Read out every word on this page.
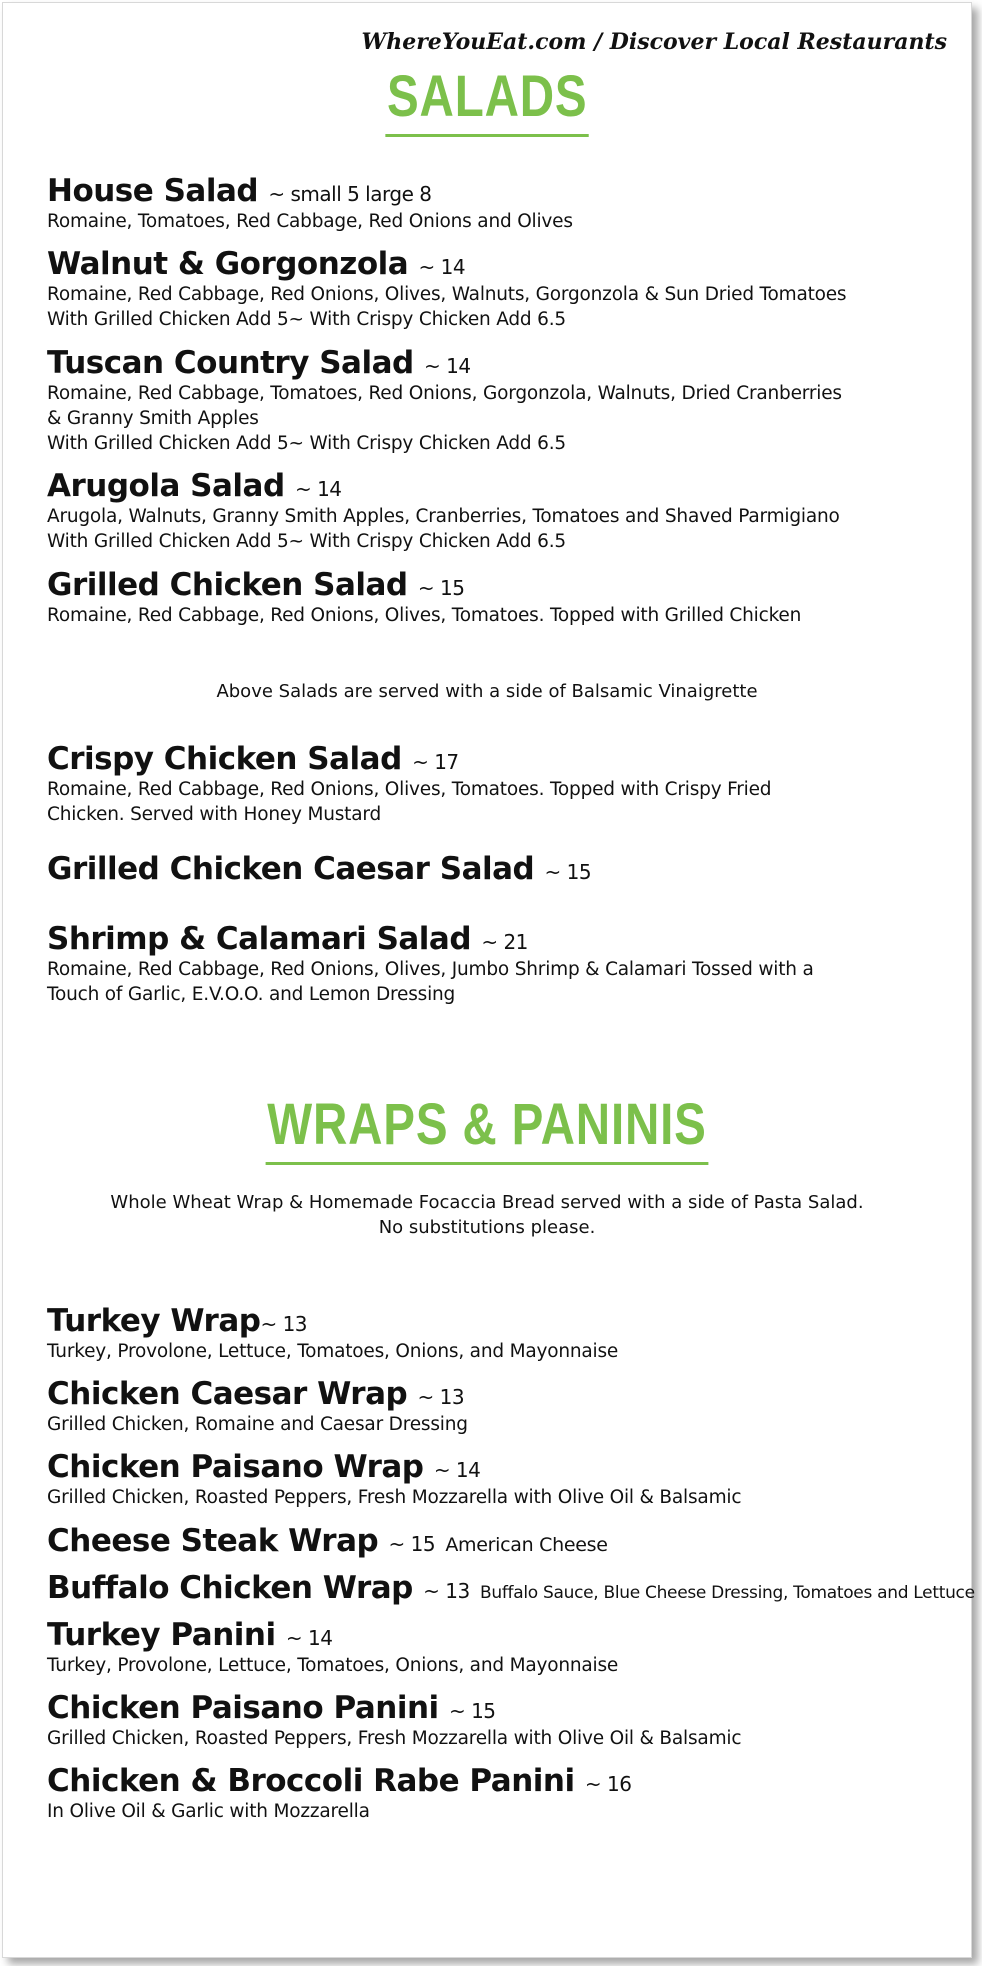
WhereYouEat.com / Discover Local Restaurants
SALADS
House Salad ~ small 5 large 8
Romaine, Tomatoes, Red Cabbage, Red Onions and Olives
Walnut & Gorgonzola ~ 14
Romaine, Red Cabbage, Red Onions, Olives, Walnuts, Gorgonzola & Sun Dried Tomatoes
With Grilled Chicken Add 5~ With Crispy Chicken Add 6.5
Tuscan Country Salad ~ 14
Romaine, Red Cabbage, Tomatoes, Red Onions, Gorgonzola, Walnuts, Dried Cranberries
& Granny Smith Apples
With Grilled Chicken Add 5~ With Crispy Chicken Add 6.5
Arugola Salad ~ 14
Arugola, Walnuts, Granny Smith Apples, Cranberries, Tomatoes and Shaved Parmigiano
With Grilled Chicken Add 5~ With Crispy Chicken Add 6.5
Grilled Chicken Salad ~ 15
Romaine, Red Cabbage, Red Onions, Olives, Tomatoes. Topped with Grilled Chicken
Above Salads are served with a side of Balsamic Vinaigrette
Crispy Chicken Salad ~ 17
Romaine, Red Cabbage, Red Onions, Olives, Tomatoes. Topped with Crispy Fried
Chicken. Served with Honey Mustard
Grilled Chicken Caesar Salad ~ 15
Shrimp & Calamari Salad ~ 21
Romaine, Red Cabbage, Red Onions, Olives, Jumbo Shrimp & Calamari Tossed with a
Touch of Garlic, E.V.O.O. and Lemon Dressing
WRAPS & PANINIS
Whole Wheat Wrap & Homemade Focaccia Bread served with a side of Pasta Salad.
No substitutions please.
Turkey Wrap~ 13
Turkey, Provolone, Lettuce, Tomatoes, Onions, and Mayonnaise
Chicken Caesar Wrap ~ 13
Grilled Chicken, Romaine and Caesar Dressing
Chicken Paisano Wrap ~ 14
Grilled Chicken, Roasted Peppers, Fresh Mozzarella with Olive Oil & Balsamic
Cheese Steak Wrap ~ 15 American Cheese
Buffalo Chicken Wrap ~ 13 Buffalo Sauce, Blue Cheese Dressing, Tomatoes and Lettuce
Turkey Panini ~ 14
Turkey, Provolone, Lettuce, Tomatoes, Onions, and Mayonnaise
Chicken Paisano Panini ~ 15
Grilled Chicken, Roasted Peppers, Fresh Mozzarella with Olive Oil & Balsamic
Chicken & Broccoli Rabe Panini ~ 16
In Olive Oil & Garlic with Mozzarella
